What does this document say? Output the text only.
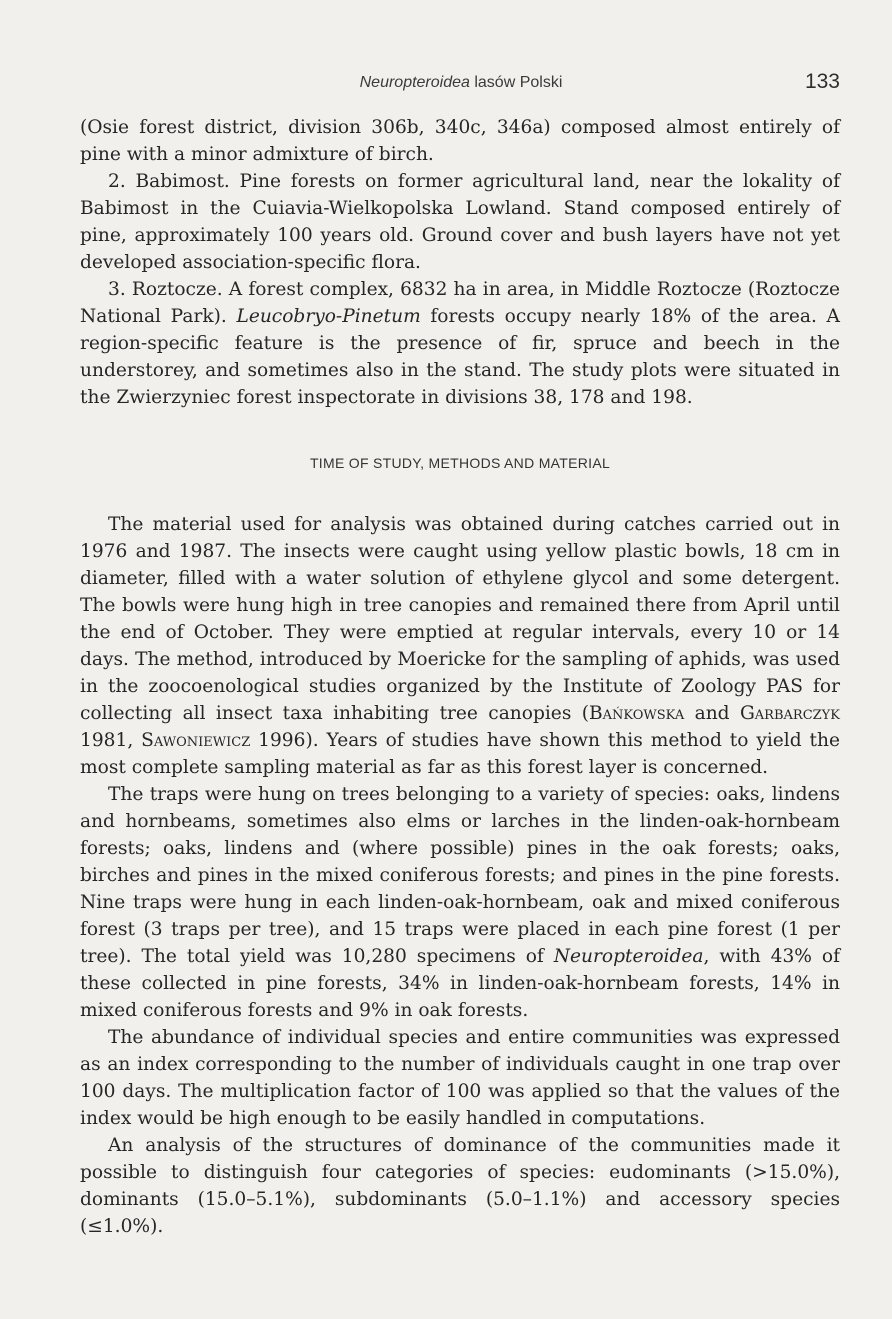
Neuropteroidea lasów Polski	133

(Osie forest district, division 306b, 340c, 346a) composed almost entirely of pine with a minor admixture of birch.

2. Babimost. Pine forests on former agricultural land, near the lokality of Babimost in the Cuiavia-Wielkopolska Lowland. Stand composed entirely of pine, approximately 100 years old. Ground cover and bush layers have not yet developed association-specific flora.

3. Roztocze. A forest complex, 6832 ha in area, in Middle Roztocze (Roztocze National Park). Leucobryo-Pinetum forests occupy nearly 18% of the area. A region-specific feature is the presence of fir, spruce and beech in the understorey, and sometimes also in the stand. The study plots were situated in the Zwierzyniec forest inspectorate in divisions 38, 178 and 198.

TIME OF STUDY, METHODS AND MATERIAL

The material used for analysis was obtained during catches carried out in 1976 and 1987. The insects were caught using yellow plastic bowls, 18 cm in diameter, filled with a water solution of ethylene glycol and some detergent. The bowls were hung high in tree canopies and remained there from April until the end of October. They were emptied at regular intervals, every 10 or 14 days. The method, introduced by Moericke for the sampling of aphids, was used in the zoocoenological studies organized by the Institute of Zoology PAS for collecting all insect taxa inhabiting tree canopies (Bańkowska and Garbarczyk 1981, Sawoniewicz 1996). Years of studies have shown this method to yield the most complete sampling material as far as this forest layer is concerned.

The traps were hung on trees belonging to a variety of species: oaks, lindens and hornbeams, sometimes also elms or larches in the linden-oak-hornbeam forests; oaks, lindens and (where possible) pines in the oak forests; oaks, birches and pines in the mixed coniferous forests; and pines in the pine forests. Nine traps were hung in each linden-oak-hornbeam, oak and mixed coniferous forest (3 traps per tree), and 15 traps were placed in each pine forest (1 per tree). The total yield was 10,280 specimens of Neuropteroidea, with 43% of these collected in pine forests, 34% in linden-oak-hornbeam forests, 14% in mixed coniferous forests and 9% in oak forests.

The abundance of individual species and entire communities was expressed as an index corresponding to the number of individuals caught in one trap over 100 days. The multiplication factor of 100 was applied so that the values of the index would be high enough to be easily handled in computations.

An analysis of the structures of dominance of the communities made it possible to distinguish four categories of species: eudominants (>15.0%), dominants (15.0–5.1%), subdominants (5.0–1.1%) and accessory species (≤1.0%).
